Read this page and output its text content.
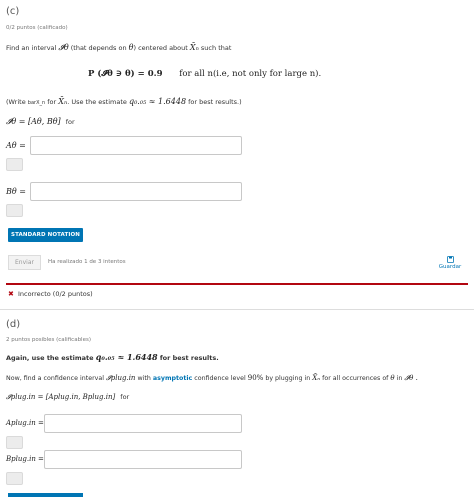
(c)
0/2 puntos (calificado)
Find an interval 𝓘θ (that depends on θ) centered about X̄ₙ such that
P (𝓘θ ∋ θ) = 0.9 for all n(i.e, not only for large n).
(Write barX_n for X̄ₙ. Use the estimate q₀.₀₅ ≈ 1.6448 for best results.)
𝓘θ = [Aθ, Bθ] for
Aθ =
Bθ =
STANDARD NOTATION
Enviar	Ha realizado 1 de 3 intentos
Guardar
✖ Incorrecto (0/2 puntos)
(d)
2 puntos posibles (calificables)
Again, use the estimate q₀.₀₅ ≈ 1.6448 for best results.
Now, find a confidence interval 𝓘plug.in with asymptotic confidence level 90% by plugging in X̄ₙ for all occurrences of θ in 𝓘θ .
𝓘plug.in = [Aplug.in, Bplug.in] for
Aplug.in =
Bplug.in =
